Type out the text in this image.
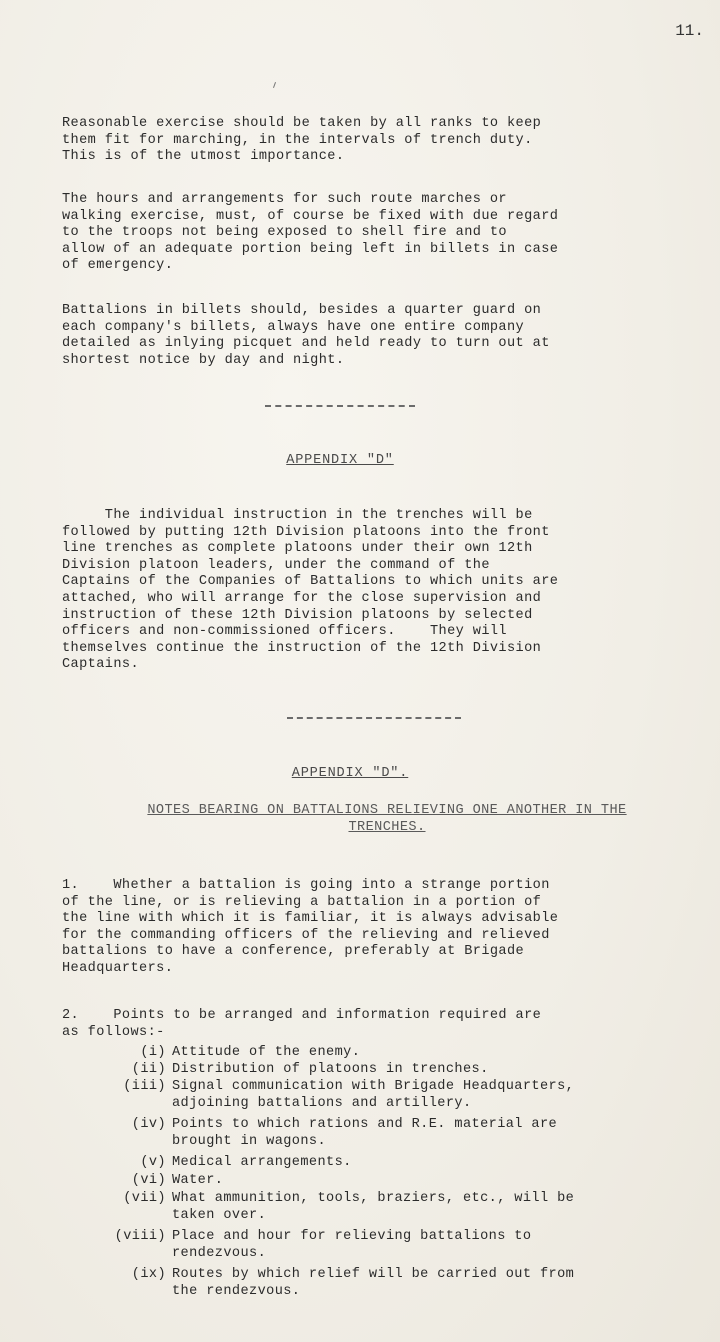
11.
Reasonable exercise should be taken by all ranks to keep
them fit for marching, in the intervals of trench duty.
This is of the utmost importance.
The hours and arrangements for such route marches or
walking exercise, must, of course be fixed with due regard
to the troops not being exposed to shell fire and to
allow of an adequate portion being left in billets in case
of emergency.
Battalions in billets should, besides a quarter guard on
each company's billets, always have one entire company
detailed as inlying picquet and held ready to turn out at
shortest notice by day and night.
APPENDIX "D"
The individual instruction in the trenches will be
followed by putting 12th Division platoons into the front
line trenches as complete platoons under their own 12th
Division platoon leaders, under the command of the
Captains of the Companies of Battalions to which units are
attached, who will arrange for the close supervision and
instruction of these 12th Division platoons by selected
officers and non-commissioned officers.    They will
themselves continue the instruction of the 12th Division
Captains.
APPENDIX "D".
NOTES BEARING ON BATTALIONS RELIEVING ONE ANOTHER IN THE
TRENCHES.
1.    Whether a battalion is going into a strange portion
of the line, or is relieving a battalion in a portion of
the line with which it is familiar, it is always advisable
for the commanding officers of the relieving and relieved
battalions to have a conference, preferably at Brigade
Headquarters.
2.    Points to be arranged and information required are
as follows:-
(i) Attitude of the enemy.
(ii) Distribution of platoons in trenches.
(iii) Signal communication with Brigade Headquarters,
adjoining battalions and artillery.
(iv) Points to which rations and R.E. material are
brought in wagons.
(v) Medical arrangements.
(vi) Water.
(vii) What ammunition, tools, braziers, etc., will be
taken over.
(viii) Place and hour for relieving battalions to
rendezvous.
(ix) Routes by which relief will be carried out from
the rendezvous.
